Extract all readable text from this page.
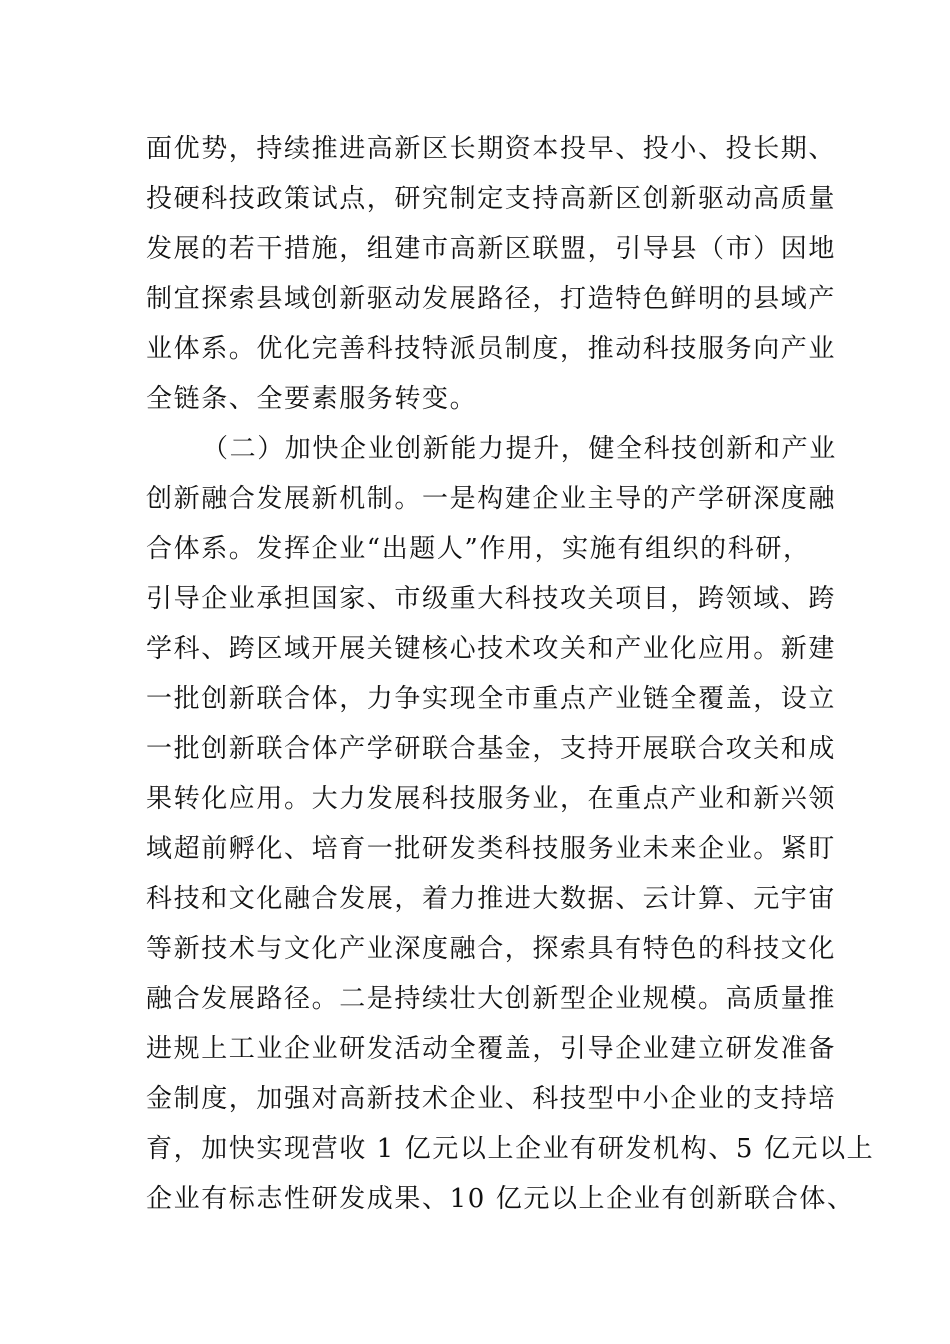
面优势，持续推进高新区长期资本投早、投小、投长期、
投硬科技政策试点，研究制定支持高新区创新驱动高质量
发展的若干措施，组建市高新区联盟，引导县（市）因地
制宜探索县域创新驱动发展路径，打造特色鲜明的县域产
业体系。优化完善科技特派员制度，推动科技服务向产业
全链条、全要素服务转变。
（二）加快企业创新能力提升，健全科技创新和产业
创新融合发展新机制。一是构建企业主导的产学研深度融
合体系。发挥企业“出题人”作用，实施有组织的科研，
引导企业承担国家、市级重大科技攻关项目，跨领域、跨
学科、跨区域开展关键核心技术攻关和产业化应用。新建
一批创新联合体，力争实现全市重点产业链全覆盖，设立
一批创新联合体产学研联合基金，支持开展联合攻关和成
果转化应用。大力发展科技服务业，在重点产业和新兴领
域超前孵化、培育一批研发类科技服务业未来企业。紧盯
科技和文化融合发展，着力推进大数据、云计算、元宇宙
等新技术与文化产业深度融合，探索具有特色的科技文化
融合发展路径。二是持续壮大创新型企业规模。高质量推
进规上工业企业研发活动全覆盖，引导企业建立研发准备
金制度，加强对高新技术企业、科技型中小企业的支持培
育，加快实现营收 1 亿元以上企业有研发机构、5 亿元以上
企业有标志性研发成果、10 亿元以上企业有创新联合体、
